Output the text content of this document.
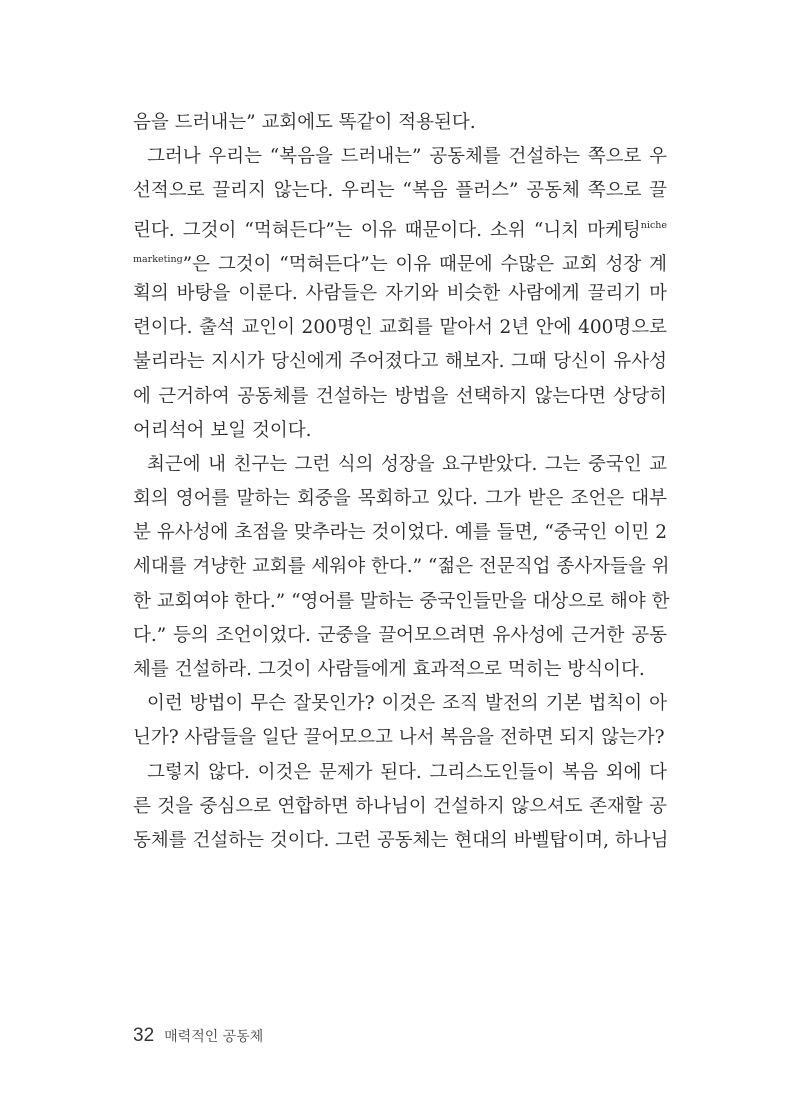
음을 드러내는” 교회에도 똑같이 적용된다.
그러나 우리는 “복음을 드러내는” 공동체를 건설하는 쪽으로 우
선적으로 끌리지 않는다. 우리는 “복음 플러스” 공동체 쪽으로 끌
린다. 그것이 “먹혀든다”는 이유 때문이다. 소위 “니치 마케팅$^{niche}$
$^{marketing}$”은 그것이 “먹혀든다”는 이유 때문에 수많은 교회 성장 계
획의 바탕을 이룬다. 사람들은 자기와 비슷한 사람에게 끌리기 마
련이다. 출석 교인이 200명인 교회를 맡아서 2년 안에 400명으로
불리라는 지시가 당신에게 주어졌다고 해보자. 그때 당신이 유사성
에 근거하여 공동체를 건설하는 방법을 선택하지 않는다면 상당히
어리석어 보일 것이다.
최근에 내 친구는 그런 식의 성장을 요구받았다. 그는 중국인 교
회의 영어를 말하는 회중을 목회하고 있다. 그가 받은 조언은 대부
분 유사성에 초점을 맞추라는 것이었다. 예를 들면, “중국인 이민 2
세대를 겨냥한 교회를 세워야 한다.” “젊은 전문직업 종사자들을 위
한 교회여야 한다.” “영어를 말하는 중국인들만을 대상으로 해야 한
다.” 등의 조언이었다. 군중을 끌어모으려면 유사성에 근거한 공동
체를 건설하라. 그것이 사람들에게 효과적으로 먹히는 방식이다.
이런 방법이 무슨 잘못인가? 이것은 조직 발전의 기본 법칙이 아
닌가? 사람들을 일단 끌어모으고 나서 복음을 전하면 되지 않는가?
그렇지 않다. 이것은 문제가 된다. 그리스도인들이 복음 외에 다
른 것을 중심으로 연합하면 하나님이 건설하지 않으셔도 존재할 공
동체를 건설하는 것이다. 그런 공동체는 현대의 바벨탑이며, 하나님
32 매력적인 공동체
